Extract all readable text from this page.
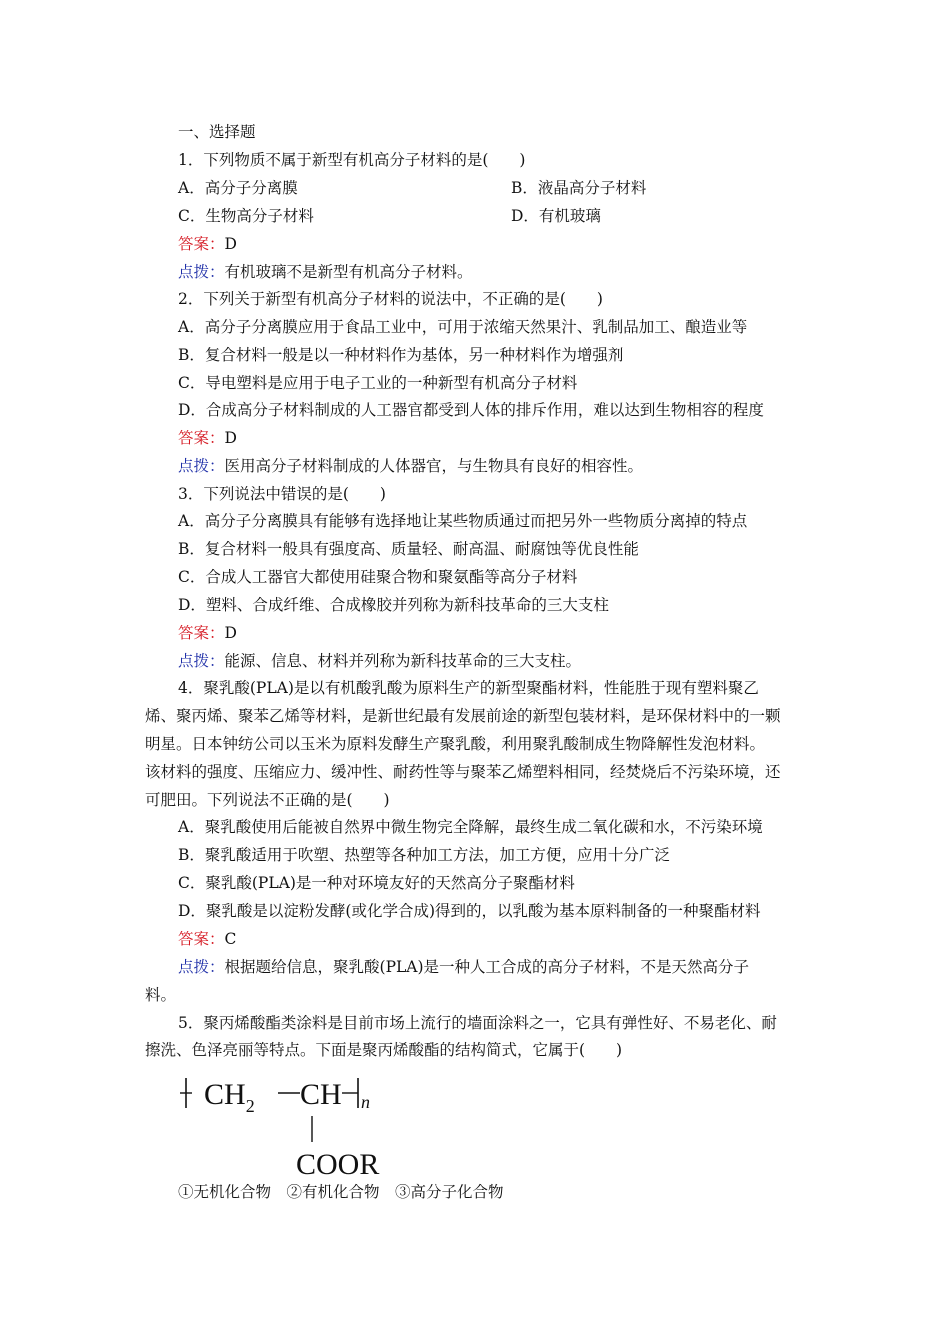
一、选择题
1．下列物质不属于新型有机高分子材料的是(　　)
A．高分子分离膜	B．液晶高分子材料
C．生物高分子材料	D．有机玻璃
答案：D
点拨：有机玻璃不是新型有机高分子材料。
2．下列关于新型有机高分子材料的说法中，不正确的是(　　)
A．高分子分离膜应用于食品工业中，可用于浓缩天然果汁、乳制品加工、酿造业等
B．复合材料一般是以一种材料作为基体，另一种材料作为增强剂
C．导电塑料是应用于电子工业的一种新型有机高分子材料
D．合成高分子材料制成的人工器官都受到人体的排斥作用，难以达到生物相容的程度
答案：D
点拨：医用高分子材料制成的人体器官，与生物具有良好的相容性。
3．下列说法中错误的是(　　)
A．高分子分离膜具有能够有选择地让某些物质通过而把另外一些物质分离掉的特点
B．复合材料一般具有强度高、质量轻、耐高温、耐腐蚀等优良性能
C．合成人工器官大都使用硅聚合物和聚氨酯等高分子材料
D．塑料、合成纤维、合成橡胶并列称为新科技革命的三大支柱
答案：D
点拨：能源、信息、材料并列称为新科技革命的三大支柱。
4．聚乳酸(PLA)是以有机酸乳酸为原料生产的新型聚酯材料，性能胜于现有塑料聚乙
烯、聚丙烯、聚苯乙烯等材料，是新世纪最有发展前途的新型包装材料，是环保材料中的一颗
明星。日本钟纺公司以玉米为原料发酵生产聚乳酸，利用聚乳酸制成生物降解性发泡材料。
该材料的强度、压缩应力、缓冲性、耐药性等与聚苯乙烯塑料相同，经焚烧后不污染环境，还
可肥田。下列说法不正确的是(　　)
A．聚乳酸使用后能被自然界中微生物完全降解，最终生成二氧化碳和水，不污染环境
B．聚乳酸适用于吹塑、热塑等各种加工方法，加工方便，应用十分广泛
C．聚乳酸(PLA)是一种对环境友好的天然高分子聚酯材料
D．聚乳酸是以淀粉发酵(或化学合成)得到的，以乳酸为基本原料制备的一种聚酯材料
答案：C
点拨：根据题给信息，聚乳酸(PLA)是一种人工合成的高分子材料，不是天然高分子
料。
5．聚丙烯酸酯类涂料是目前市场上流行的墙面涂料之一，它具有弹性好、不易老化、耐
擦洗、色泽亮丽等特点。下面是聚丙烯酸酯的结构简式，它属于(　　)
$CH_2$ CH n
COOR
①无机化合物　②有机化合物　③高分子化合物
